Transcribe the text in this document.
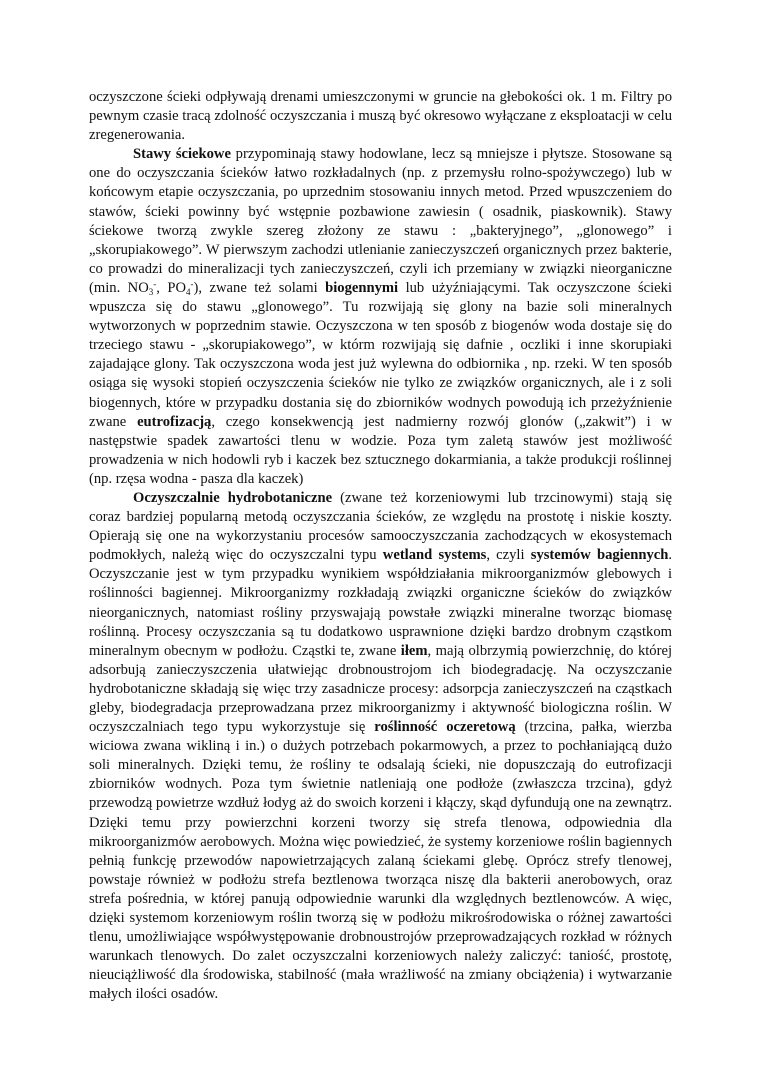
oczyszczone ścieki odpływają drenami umieszczonymi w gruncie na głebokości ok. 1 m. Filtry po pewnym czasie tracą zdolność oczyszczania i muszą być okresowo wyłączane z eksploatacji w celu zregenerowania.

Stawy ściekowe przypominają stawy hodowlane, lecz są mniejsze i płytsze. Stosowane są one do oczyszczania ścieków łatwo rozkładalnych (np. z przemysłu rolno-spożywczego) lub w końcowym etapie oczyszczania, po uprzednim stosowaniu innych metod. Przed wpuszczeniem do stawów, ścieki powinny być wstępnie pozbawione zawiesin ( osadnik, piaskownik). Stawy ściekowe tworzą zwykle szereg złożony ze stawu : „bakteryjnego”, „glonowego” i „skorupiakowego”. W pierwszym zachodzi utlenianie zanieczyszczeń organicznych przez bakterie, co prowadzi do mineralizacji tych zanieczyszczeń, czyli ich przemiany w związki nieorganiczne (min. $NO_3^-$, $PO_4^-$), zwane też solami biogennymi lub użyźniającymi. Tak oczyszczone ścieki wpuszcza się do stawu „glonowego”. Tu rozwijają się glony na bazie soli mineralnych wytworzonych w poprzednim stawie. Oczyszczona w ten sposób z biogenów woda dostaje się do trzeciego stawu - „skorupiakowego”, w którm rozwijają się dafnie , oczliki i inne skorupiaki zajadające glony. Tak oczyszczona woda jest już wylewna do odbiornika , np. rzeki. W ten sposób osiąga się wysoki stopień oczyszczenia ścieków nie tylko ze związków organicznych, ale i z soli biogennych, które w przypadku dostania się do zbiorników wodnych powodują ich przeżyźnienie zwane eutrofizacją, czego konsekwencją jest nadmierny rozwój glonów („zakwit”) i w następstwie spadek zawartości tlenu w wodzie. Poza tym zaletą stawów jest możliwość prowadzenia w nich hodowli ryb i kaczek bez sztucznego dokarmiania, a także produkcji roślinnej (np. rzęsa wodna - pasza dla kaczek)

Oczyszczalnie hydrobotaniczne (zwane też korzeniowymi lub trzcinowymi) stają się coraz bardziej popularną metodą oczyszczania ścieków, ze względu na prostotę i niskie koszty. Opierają się one na wykorzystaniu procesów samooczyszczania zachodzących w ekosystemach podmokłych, należą więc do oczyszczalni typu wetland systems, czyli systemów bagiennych. Oczyszczanie jest w tym przypadku wynikiem współdziałania mikroorganizmów glebowych i roślinności bagiennej. Mikroorganizmy rozkładają związki organiczne ścieków do związków nieorganicznych, natomiast rośliny przyswajają powstałe związki mineralne tworząc biomasę roślinną. Procesy oczyszczania są tu dodatkowo usprawnione dzięki bardzo drobnym cząstkom mineralnym obecnym w podłożu. Cząstki te, zwane iłem, mają olbrzymią powierzchnię, do której adsorbują zanieczyszczenia ułatwiejąc drobnoustrojom ich biodegradację. Na oczyszczanie hydrobotaniczne składają się więc trzy zasadnicze procesy: adsorpcja zanieczyszczeń na cząstkach gleby, biodegradacja przeprowadzana przez mikroorganizmy i aktywność biologiczna roślin. W oczyszczalniach tego typu wykorzystuje się roślinność oczeretową (trzcina, pałka, wierzba wiciowa zwana wikliną i in.) o dużych potrzebach pokarmowych, a przez to pochłaniającą dużo soli mineralnych. Dzięki temu, że rośliny te odsalają ścieki, nie dopuszczają do eutrofizacji zbiorników wodnych. Poza tym świetnie natleniają one podłoże (zwłaszcza trzcina), gdyż przewodzą powietrze wzdłuż łodyg aż do swoich korzeni i kłączy, skąd dyfundują one na zewnątrz. Dzięki temu przy powierzchni korzeni tworzy się strefa tlenowa, odpowiednia dla mikroorganizmów aerobowych. Można więc powiedzieć, że systemy korzeniowe roślin bagiennych pełnią funkcję przewodów napowietrzających zalaną ściekami glebę. Oprócz strefy tlenowej, powstaje również w podłożu strefa beztlenowa tworząca niszę dla bakterii anerobowych, oraz strefa pośrednia, w której panują odpowiednie warunki dla względnych beztlenowców. A więc, dzięki systemom korzeniowym roślin tworzą się w podłożu mikrośrodowiska o różnej zawartości tlenu, umożliwiające współwystępowanie drobnoustrojów przeprowadzających rozkład w różnych warunkach tlenowych. Do zalet oczyszczalni korzeniowych należy zaliczyć: taniość, prostotę, nieuciążliwość dla środowiska, stabilność (mała wrażliwość na zmiany obciążenia) i wytwarzanie małych ilości osadów.
